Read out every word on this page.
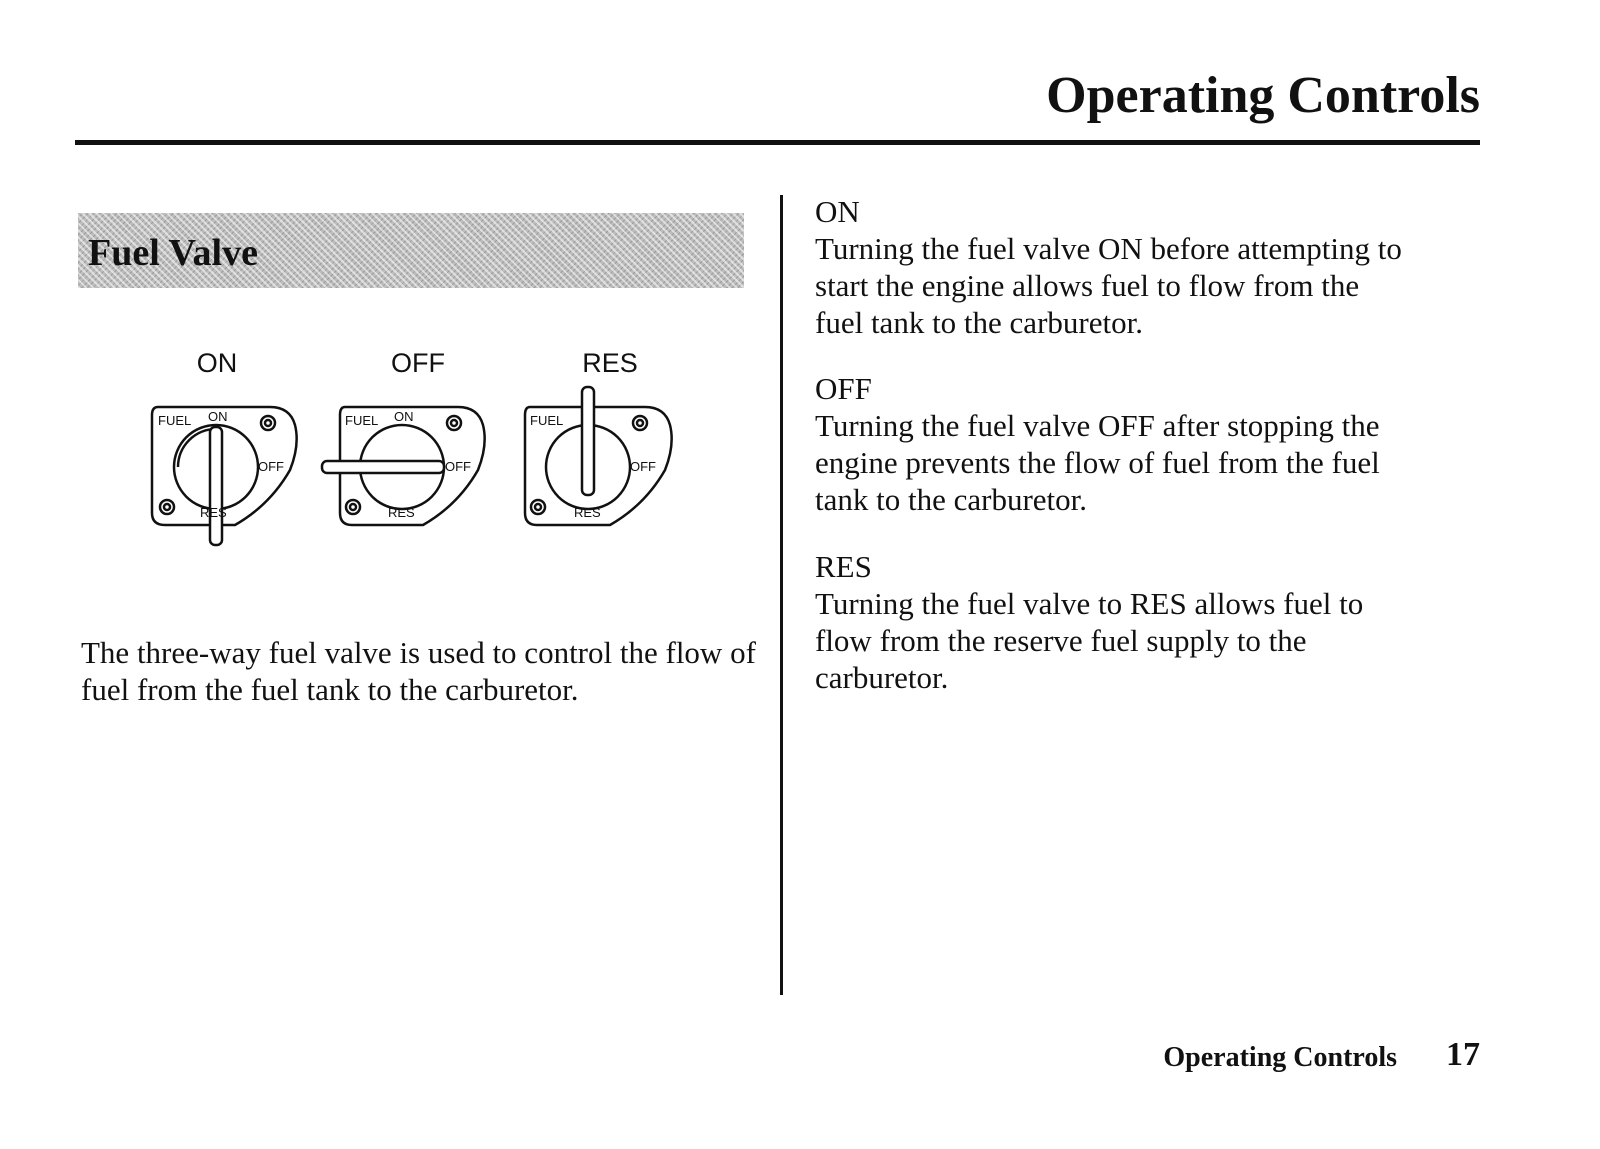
Operating Controls
Fuel Valve
ON	OFF	RES
FUEL ON
OFF
RES
FUEL ON
OFF
RES
FUEL
OFF
RES

The three-way fuel valve is used to control the flow of fuel from the fuel tank to the carburetor.

ON

Turning the fuel valve ON before attempting to

start the engine allows fuel to flow from the

fuel tank to the carburetor.

OFF

Turning the fuel valve OFF after stopping the

engine prevents the flow of fuel from the fuel

tank to the carburetor.

RES

Turning the fuel valve to RES allows fuel to

flow from the reserve fuel supply to the

carburetor.

Operating Controls 17
